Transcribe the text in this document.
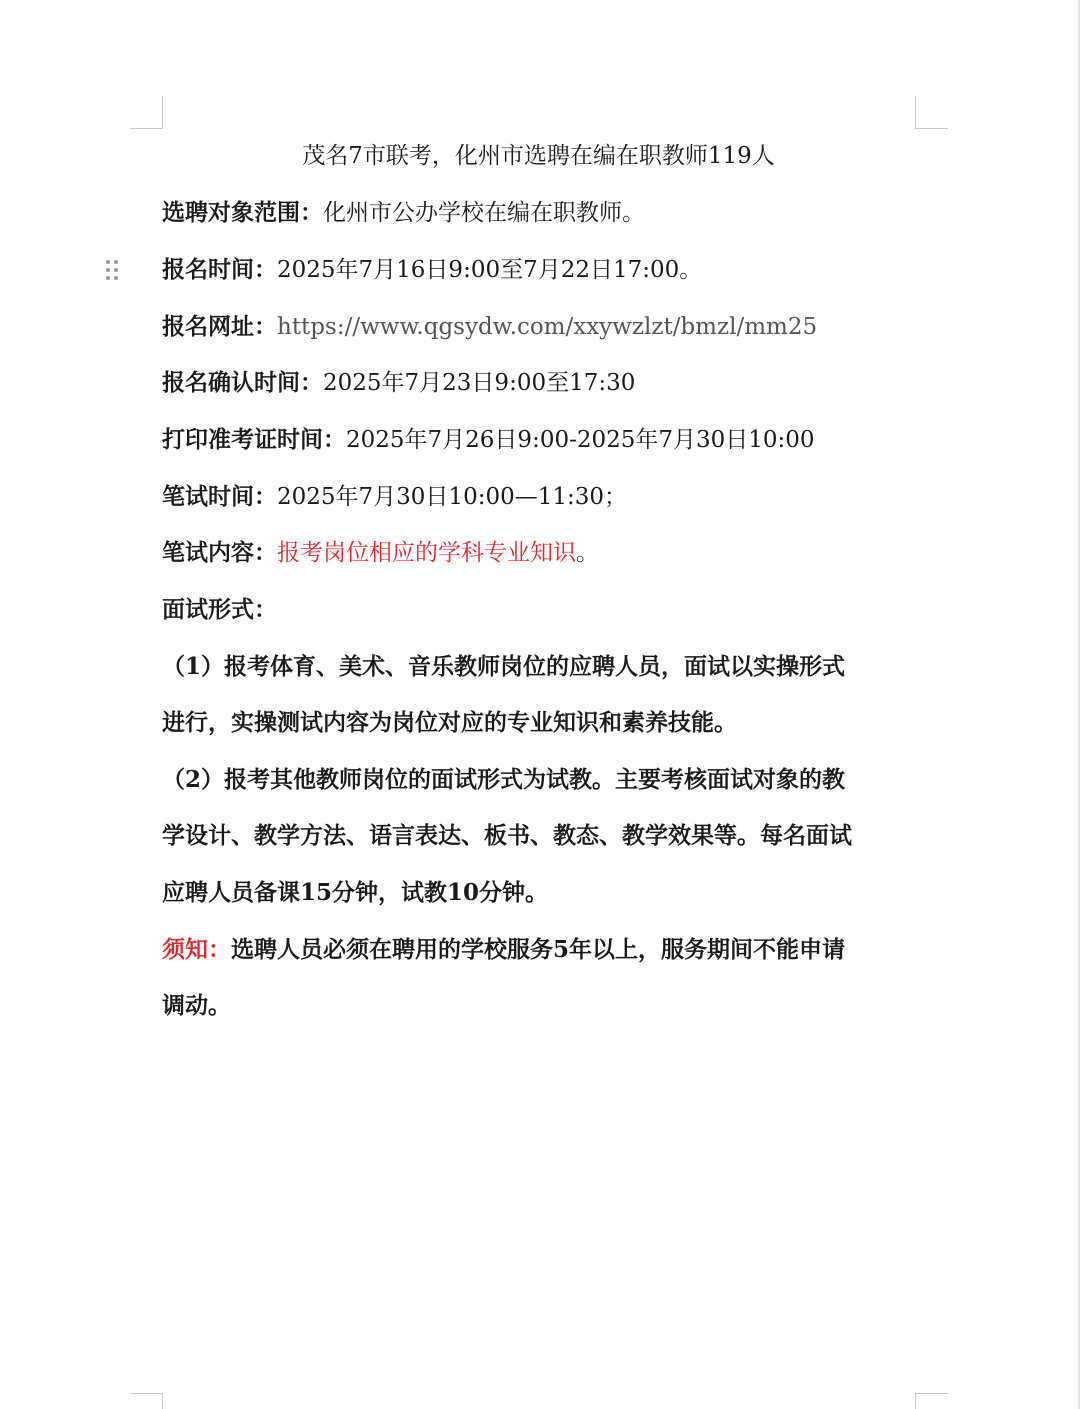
茂名7市联考，化州市选聘在编在职教师119人
选聘对象范围：化州市公办学校在编在职教师。
报名时间：2025年7月16日9:00至7月22日17:00。
报名网址：https://www.qgsydw.com/xxywzlzt/bmzl/mm25
报名确认时间：2025年7月23日9:00至17:30
打印准考证时间：2025年7月26日9:00-2025年7月30日10:00
笔试时间：2025年7月30日10:00—11:30；
笔试内容：报考岗位相应的学科专业知识。
面试形式：
（1）报考体育、美术、音乐教师岗位的应聘人员，面试以实操形式
进行，实操测试内容为岗位对应的专业知识和素养技能。
（2）报考其他教师岗位的面试形式为试教。主要考核面试对象的教
学设计、教学方法、语言表达、板书、教态、教学效果等。每名面试
应聘人员备课15分钟，试教10分钟。
须知：选聘人员必须在聘用的学校服务5年以上，服务期间不能申请
调动。
